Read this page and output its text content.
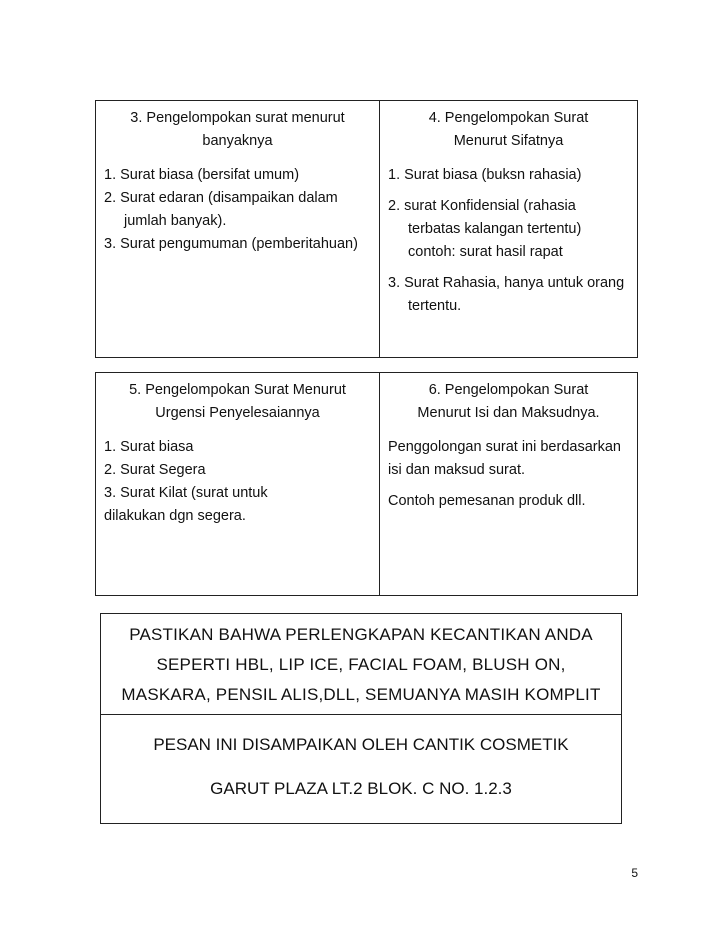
3. Pengelompokan surat menurut
banyaknya
1. Surat biasa (bersifat umum)
2. Surat edaran (disampaikan dalam jumlah banyak).
3. Surat pengumuman (pemberitahuan)

4. Pengelompokan Surat
Menurut Sifatnya
1. Surat biasa (buksn rahasia)
2. surat Konfidensial (rahasia terbatas kalangan tertentu) contoh: surat hasil rapat
3. Surat Rahasia, hanya untuk orang tertentu.
5. Pengelompokan Surat Menurut
Urgensi Penyelesaiannya
1. Surat biasa
2. Surat Segera
3. Surat Kilat (surat untuk
dilakukan dgn segera.

6. Pengelompokan Surat
Menurut Isi dan Maksudnya.
Penggolongan surat ini berdasarkan isi dan maksud surat.
Contoh pemesanan produk dll.
PASTIKAN BAHWA PERLENGKAPAN KECANTIKAN ANDA
SEPERTI HBL, LIP ICE, FACIAL FOAM, BLUSH ON,
MASKARA, PENSIL ALIS,DLL, SEMUANYA MASIH KOMPLIT
PESAN INI DISAMPAIKAN OLEH CANTIK COSMETIK
GARUT PLAZA LT.2 BLOK. C NO. 1.2.3
5
